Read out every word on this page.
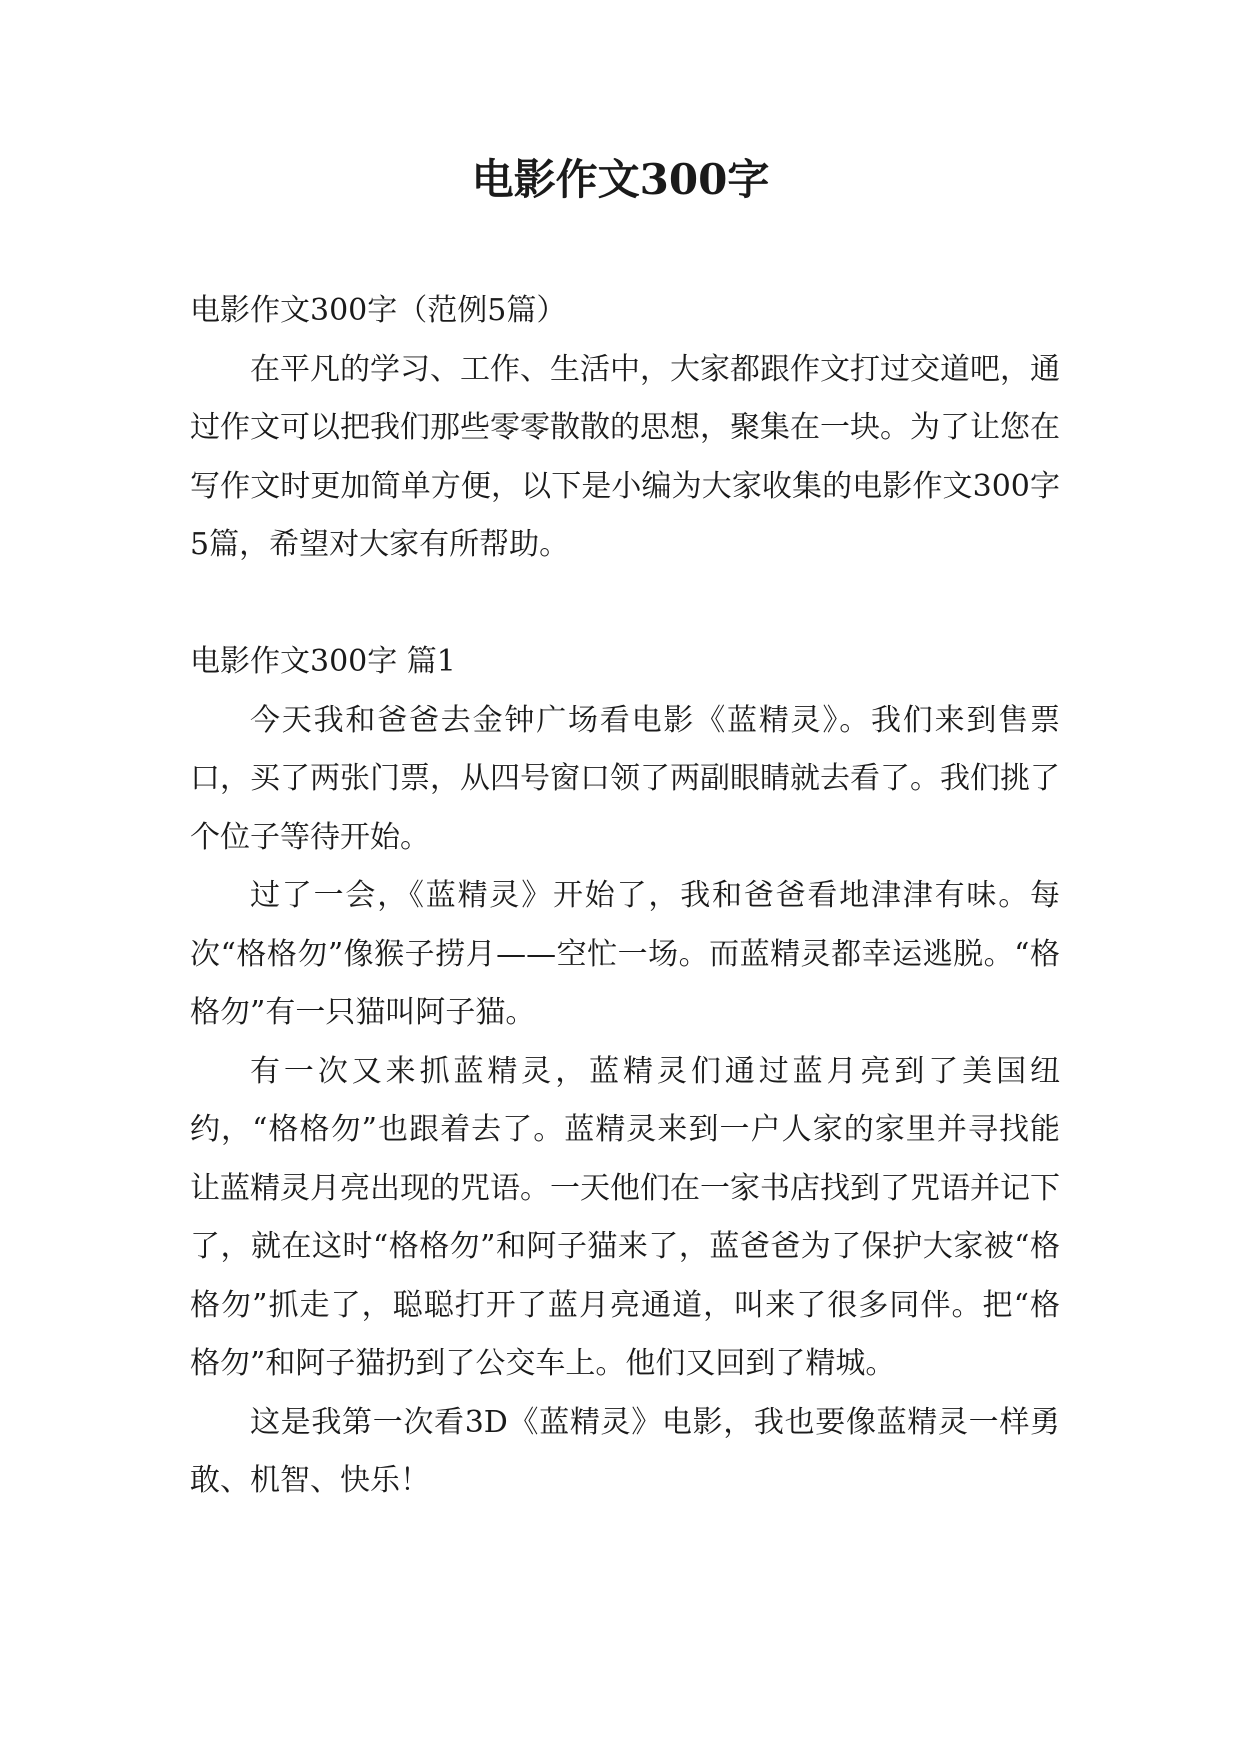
电影作文300字

电影作文300字（范例5篇）

在平凡的学习、工作、生活中，大家都跟作文打过交道吧，通过作文可以把我们那些零零散散的思想，聚集在一块。为了让您在写作文时更加简单方便，以下是小编为大家收集的电影作文300字5篇，希望对大家有所帮助。

电影作文300字 篇1

今天我和爸爸去金钟广场看电影《蓝精灵》。我们来到售票口，买了两张门票，从四号窗口领了两副眼睛就去看了。我们挑了个位子等待开始。

过了一会，《蓝精灵》开始了，我和爸爸看地津津有味。每次“格格勿”像猴子捞月——空忙一场。而蓝精灵都幸运逃脱。“格格勿”有一只猫叫阿子猫。

有一次又来抓蓝精灵，蓝精灵们通过蓝月亮到了美国纽约，“格格勿”也跟着去了。蓝精灵来到一户人家的家里并寻找能让蓝精灵月亮出现的咒语。一天他们在一家书店找到了咒语并记下了，就在这时“格格勿”和阿子猫来了，蓝爸爸为了保护大家被“格格勿”抓走了，聪聪打开了蓝月亮通道，叫来了很多同伴。把“格格勿”和阿子猫扔到了公交车上。他们又回到了精城。

这是我第一次看3D《蓝精灵》电影，我也要像蓝精灵一样勇敢、机智、快乐！
